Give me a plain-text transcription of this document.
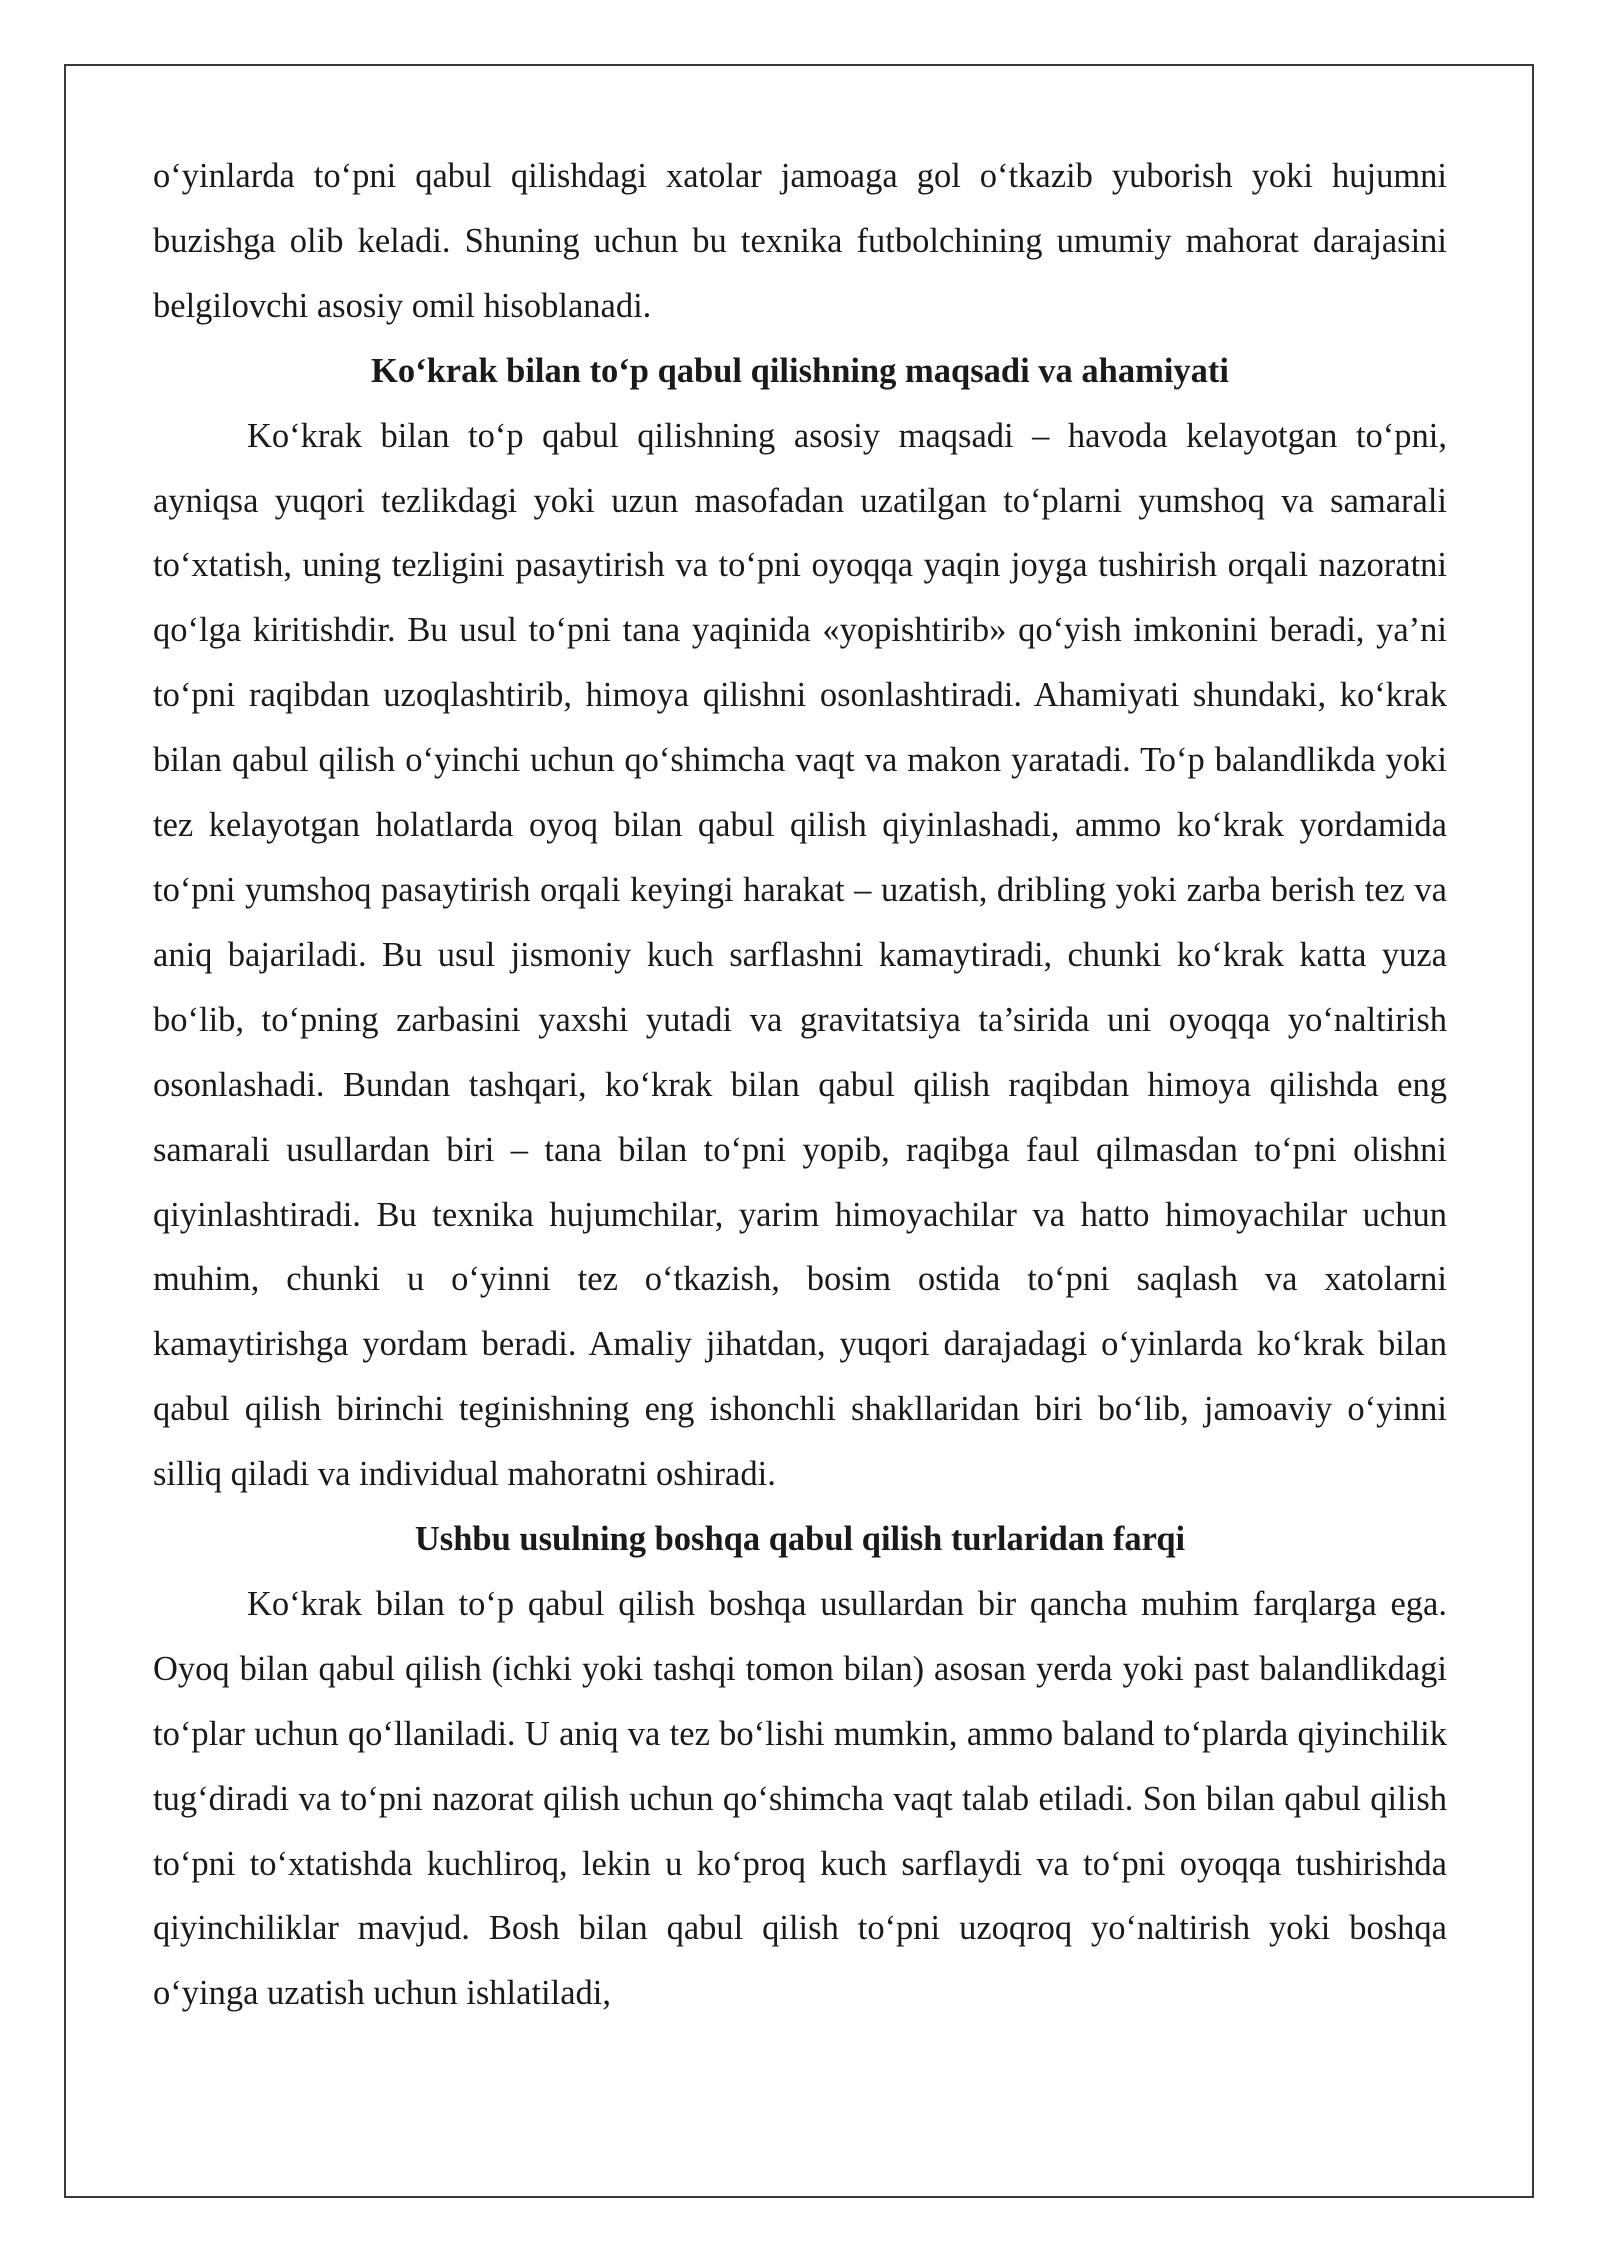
o‘yinlarda to‘pni qabul qilishdagi xatolar jamoaga gol o‘tkazib yuborish yoki hujumni buzishga olib keladi. Shuning uchun bu texnika futbolchining umumiy mahorat darajasini belgilovchi asosiy omil hisoblanadi.

Ko‘krak bilan to‘p qabul qilishning maqsadi va ahamiyati

Ko‘krak bilan to‘p qabul qilishning asosiy maqsadi – havoda kelayotgan to‘pni, ayniqsa yuqori tezlikdagi yoki uzun masofadan uzatilgan to‘plarni yumshoq va samarali to‘xtatish, uning tezligini pasaytirish va to‘pni oyoqqa yaqin joyga tushirish orqali nazoratni qo‘lga kiritishdir. Bu usul to‘pni tana yaqinida «yopishtirib» qo‘yish imkonini beradi, ya’ni to‘pni raqibdan uzoqlashtirib, himoya qilishni osonlashtiradi. Ahamiyati shundaki, ko‘krak bilan qabul qilish o‘yinchi uchun qo‘shimcha vaqt va makon yaratadi. To‘p balandlikda yoki tez kelayotgan holatlarda oyoq bilan qabul qilish qiyinlashadi, ammo ko‘krak yordamida to‘pni yumshoq pasaytirish orqali keyingi harakat – uzatish, dribling yoki zarba berish tez va aniq bajariladi. Bu usul jismoniy kuch sarflashni kamaytiradi, chunki ko‘krak katta yuza bo‘lib, to‘pning zarbasini yaxshi yutadi va gravitatsiya ta’sirida uni oyoqqa yo‘naltirish osonlashadi. Bundan tashqari, ko‘krak bilan qabul qilish raqibdan himoya qilishda eng samarali usullardan biri – tana bilan to‘pni yopib, raqibga faul qilmasdan to‘pni olishni qiyinlashtiradi. Bu texnika hujumchilar, yarim himoyachilar va hatto himoyachilar uchun muhim, chunki u o‘yinni tez o‘tkazish, bosim ostida to‘pni saqlash va xatolarni kamaytirishga yordam beradi. Amaliy jihatdan, yuqori darajadagi o‘yinlarda ko‘krak bilan qabul qilish birinchi teginishning eng ishonchli shakllaridan biri bo‘lib, jamoaviy o‘yinni silliq qiladi va individual mahoratni oshiradi.

Ushbu usulning boshqa qabul qilish turlaridan farqi

Ko‘krak bilan to‘p qabul qilish boshqa usullardan bir qancha muhim farqlarga ega. Oyoq bilan qabul qilish (ichki yoki tashqi tomon bilan) asosan yerda yoki past balandlikdagi to‘plar uchun qo‘llaniladi. U aniq va tez bo‘lishi mumkin, ammo baland to‘plarda qiyinchilik tug‘diradi va to‘pni nazorat qilish uchun qo‘shimcha vaqt talab etiladi. Son bilan qabul qilish to‘pni to‘xtatishda kuchliroq, lekin u ko‘proq kuch sarflaydi va to‘pni oyoqqa tushirishda qiyinchiliklar mavjud. Bosh bilan qabul qilish to‘pni uzoqroq yo‘naltirish yoki boshqa o‘yinga uzatish uchun ishlatiladi,
